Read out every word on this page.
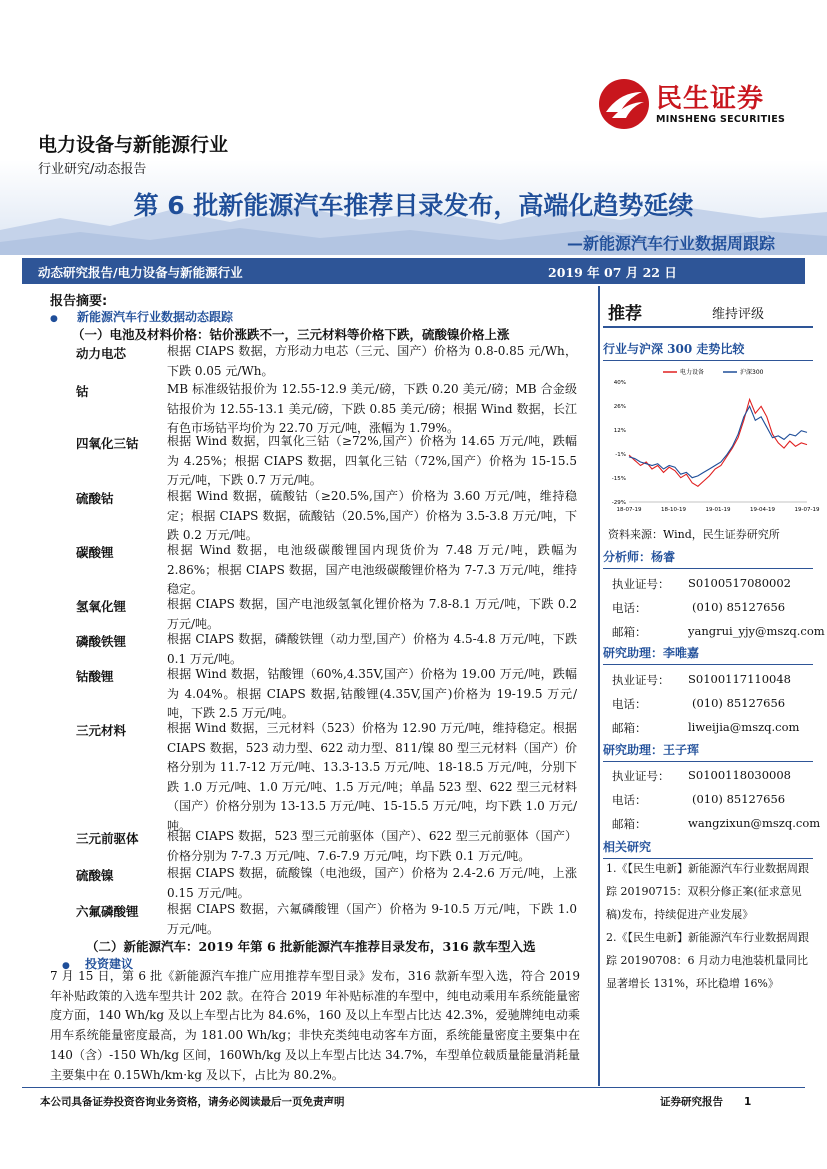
民生证券
MINSHENG SECURITIES
电力设备与新能源行业
行业研究/动态报告
第 6 批新能源汽车推荐目录发布，高端化趋势延续
—新能源汽车行业数据周跟踪
动态研究报告/电力设备与新能源行业	2019 年 07 月 22 日
报告摘要:
● 新能源汽车行业数据动态跟踪
（一）电池及材料价格：钴价涨跌不一，三元材料等价格下跌，硫酸镍价格上涨
动力电芯	根据 CIAPS 数据，方形动力电芯（三元、国产）价格为 0.8-0.85 元/Wh，下跌 0.05 元/Wh。
钴	MB 标准级钴报价为 12.55-12.9 美元/磅，下跌 0.20 美元/磅；MB 合金级钴报价为 12.55-13.1 美元/磅，下跌 0.85 美元/磅；根据 Wind 数据，长江有色市场钴平均价为 22.70 万元/吨，涨幅为 1.79%。
四氧化三钴 根据 Wind 数据，四氧化三钴（≥72%,国产）价格为 14.65 万元/吨，跌幅为 4.25%；根据 CIAPS 数据，四氧化三钴（72%,国产）价格为 15-15.5 万元/吨，下跌 0.7 万元/吨。
硫酸钴	根据 Wind 数据，硫酸钴（≥20.5%,国产）价格为 3.60 万元/吨，维持稳定；根据 CIAPS 数据，硫酸钴（20.5%,国产）价格为 3.5-3.8 万元/吨，下跌 0.2 万元/吨。
碳酸锂	根据 Wind 数据，电池级碳酸锂国内现货价为 7.48 万元/吨，跌幅为 2.86%；根据 CIAPS 数据，国产电池级碳酸锂价格为 7-7.3 万元/吨，维持稳定。
氢氧化锂	根据 CIAPS 数据，国产电池级氢氧化锂价格为 7.8-8.1 万元/吨，下跌 0.2 万元/吨。
磷酸铁锂	根据 CIAPS 数据，磷酸铁锂（动力型,国产）价格为 4.5-4.8 万元/吨，下跌 0.1 万元/吨。
钴酸锂	根据 Wind 数据，钴酸锂（60%,4.35V,国产）价格为 19.00 万元/吨，跌幅为 4.04%。根据 CIAPS 数据,钴酸锂(4.35V,国产)价格为 19-19.5 万元/吨，下跌 2.5 万元/吨。
三元材料	根据 Wind 数据，三元材料（523）价格为 12.90 万元/吨，维持稳定。根据 CIAPS 数据，523 动力型、622 动力型、811/镍 80 型三元材料（国产）价格分别为 11.7-12 万元/吨、13.3-13.5 万元/吨、18-18.5 万元/吨，分别下跌 1.0 万元/吨、1.0 万元/吨、1.5 万元/吨；单晶 523 型、622 型三元材料（国产）价格分别为 13-13.5 万元/吨、15-15.5 万元/吨，均下跌 1.0 万元/吨。
三元前驱体 根据 CIAPS 数据，523 型三元前驱体（国产）、622 型三元前驱体（国产）价格分别为 7-7.3 万元/吨、7.6-7.9 万元/吨，均下跌 0.1 万元/吨。
硫酸镍	根据 CIAPS 数据，硫酸镍（电池级，国产）价格为 2.4-2.6 万元/吨，上涨 0.15 万元/吨。
六氟磷酸锂 根据 CIAPS 数据，六氟磷酸锂（国产）价格为 9-10.5 万元/吨，下跌 1.0 万元/吨。
（二）新能源汽车：2019 年第 6 批新能源汽车推荐目录发布，316 款车型入选
● 投资建议
7 月 15 日，第 6 批《新能源汽车推广应用推荐车型目录》发布，316 款新车型入选，符合 2019 年补贴政策的入选车型共计 202 款。在符合 2019 年补贴标准的车型中，纯电动乘用车系统能量密度方面，140 Wh/kg 及以上车型占比为 84.6%，160 及以上车型占比达 42.3%，爱驰牌纯电动乘用车系统能量密度最高，为 181.00 Wh/kg；非快充类纯电动客车方面，系统能量密度主要集中在 140（含）-150 Wh/kg 区间，160Wh/kg 及以上车型占比达 34.7%，车型单位载质量能量消耗量主要集中在 0.15Wh/km·kg 及以下，占比为 80.2%。
推荐	维持评级
行业与沪深 300 走势比较
40%
26%
12%
-1%
-15%
-29%
18-07-19	18-10-19	19-01-19	19-04-19	19-07-19
电力设备	沪深300
资料来源：Wind，民生证券研究所
分析师：杨睿
执业证号： S0100517080002
电话：	(010) 85127656
邮箱：	yangrui_yjy@mszq.com
研究助理：李唯嘉
执业证号： S0100117110048
电话：	(010) 85127656
邮箱：	liweijia@mszq.com
研究助理：王子珲
执业证号： S0100118030008
电话：	(010) 85127656
邮箱：	wangzixun@mszq.com
相关研究
1.《【民生电新】新能源汽车行业数据周跟踪 20190715：双积分修正案(征求意见稿)发布，持续促进产业发展》
2.《【民生电新】新能源汽车行业数据周跟踪 20190708：6 月动力电池装机量同比显著增长 131%，环比稳增 16%》
本公司具备证券投资咨询业务资格，请务必阅读最后一页免责声明	证券研究报告　　1
